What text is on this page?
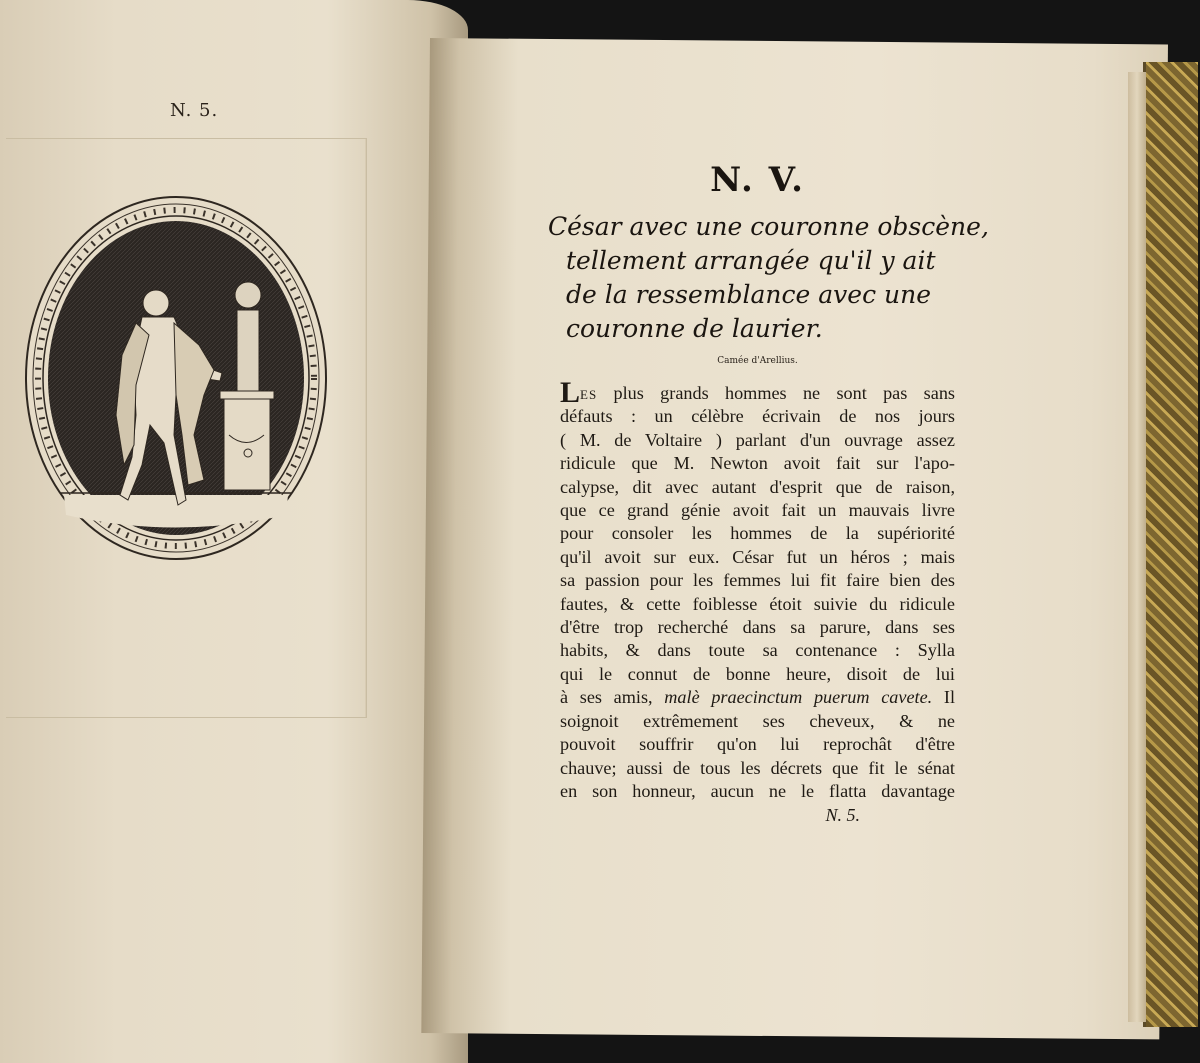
N. 5.
N. V.
César avec une couronne obscène,
tellement arrangée qu'il y ait
de la ressemblance avec une
couronne de laurier.
Camée d'Arellius.
Les plus grands hommes ne sont pas sans
défauts : un célèbre écrivain de nos jours
( M. de Voltaire ) parlant d'un ouvrage assez
ridicule que M. Newton avoit fait sur l'apo-
calypse, dit avec autant d'esprit que de raison,
que ce grand génie avoit fait un mauvais livre
pour consoler les hommes de la supériorité
qu'il avoit sur eux. César fut un héros ; mais
sa passion pour les femmes lui fit faire bien des
fautes, & cette foiblesse étoit suivie du ridicule
d'être trop recherché dans sa parure, dans ses
habits, & dans toute sa contenance : Sylla
qui le connut de bonne heure, disoit de lui
à ses amis, malè praecinctum puerum cavete. Il
soignoit extrêmement ses cheveux, & ne
pouvoit souffrir qu'on lui reprochât d'être
chauve; aussi de tous les décrets que fit le sénat
en son honneur, aucun ne le flatta davantage
N. 5.
